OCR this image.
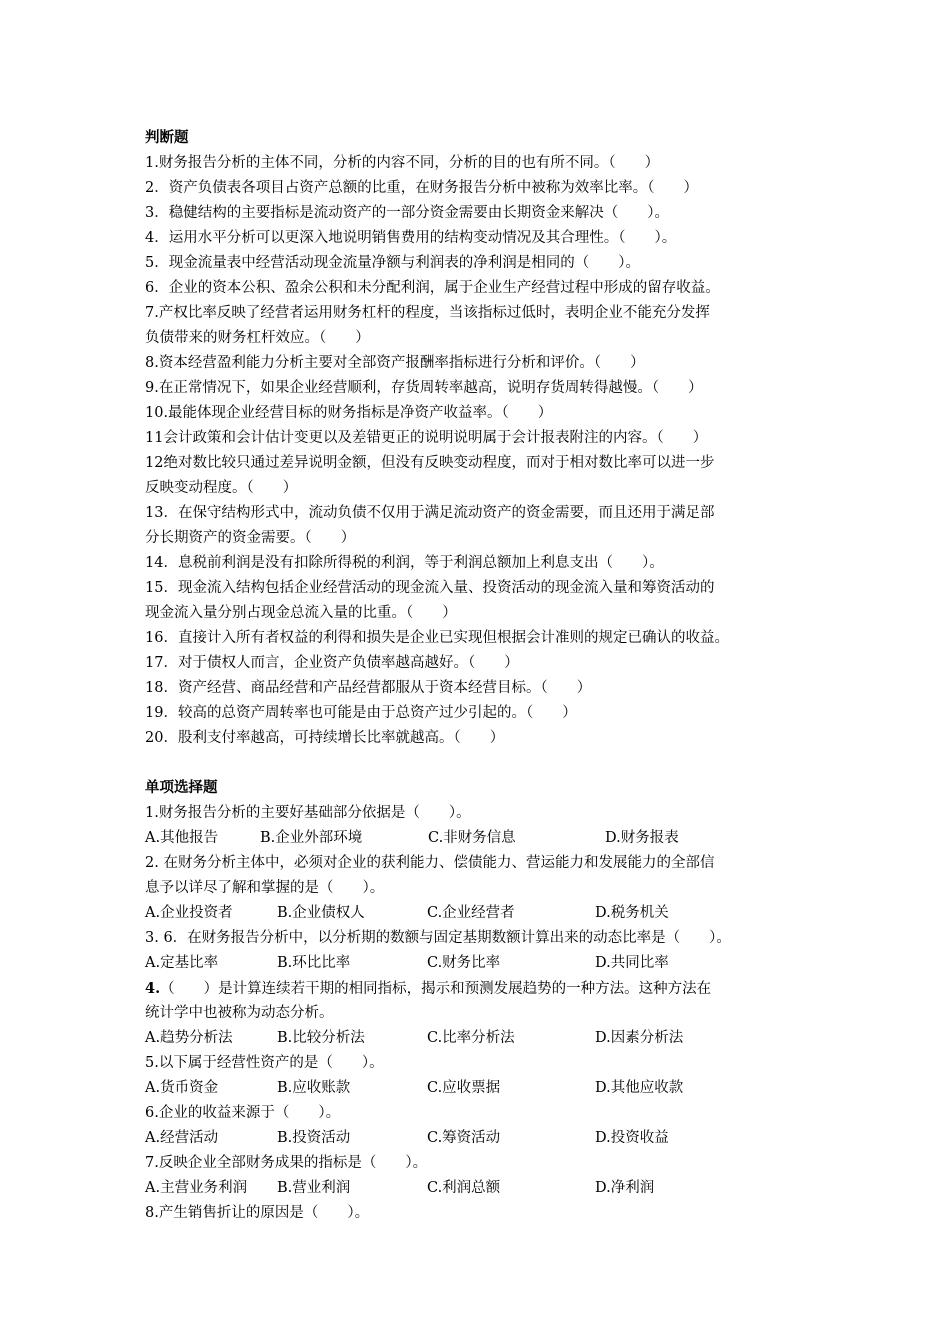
判断题
1.财务报告分析的主体不同，分析的内容不同，分析的目的也有所不同。（　　）
2．资产负债表各项目占资产总额的比重，在财务报告分析中被称为效率比率。（　　）
3．稳健结构的主要指标是流动资产的一部分资金需要由长期资金来解决（　　）。
4．运用水平分析可以更深入地说明销售费用的结构变动情况及其合理性。（　　）。
5．现金流量表中经营活动现金流量净额与利润表的净利润是相同的（　　）。
6．企业的资本公积、盈余公积和未分配利润，属于企业生产经营过程中形成的留存收益。
7.产权比率反映了经营者运用财务杠杆的程度，当该指标过低时，表明企业不能充分发挥
负债带来的财务杠杆效应。（　　）
8.资本经营盈利能力分析主要对全部资产报酬率指标进行分析和评价。（　　）
9.在正常情况下，如果企业经营顺利，存货周转率越高，说明存货周转得越慢。（　　）
10.最能体现企业经营目标的财务指标是净资产收益率。（　　）
11会计政策和会计估计变更以及差错更正的说明说明属于会计报表附注的内容。（　　）
12绝对数比较只通过差异说明金额，但没有反映变动程度，而对于相对数比率可以进一步
反映变动程度。（　　）
13．在保守结构形式中，流动负债不仅用于满足流动资产的资金需要，而且还用于满足部
分长期资产的资金需要。（　　）
14．息税前利润是没有扣除所得税的利润，等于利润总额加上利息支出（　　）。
15．现金流入结构包括企业经营活动的现金流入量、投资活动的现金流入量和筹资活动的
现金流入量分别占现金总流入量的比重。（　　）
16．直接计入所有者权益的利得和损失是企业已实现但根据会计准则的规定已确认的收益。
17．对于债权人而言，企业资产负债率越高越好。（　　）
18．资产经营、商品经营和产品经营都服从于资本经营目标。（　　）
19．较高的总资产周转率也可能是由于总资产过少引起的。（　　）
20．股利支付率越高，可持续增长比率就越高。（　　）
单项选择题
1.财务报告分析的主要好基础部分依据是（　　）。
A.其他报告	B.企业外部环境	C.非财务信息	D.财务报表
2. 在财务分析主体中，必须对企业的获利能力、偿债能力、营运能力和发展能力的全部信
息予以详尽了解和掌握的是（　　）。
A.企业投资者	B.企业债权人	C.企业经营者	D.税务机关
3. 6．在财务报告分析中，以分析期的数额与固定基期数额计算出来的动态比率是（　　）。
A.定基比率	B.环比比率	C.财务比率	D.共同比率
4.（　　）是计算连续若干期的相同指标，揭示和预测发展趋势的一种方法。这种方法在
统计学中也被称为动态分析。
A.趋势分析法	B.比较分析法	C.比率分析法	D.因素分析法
5.以下属于经营性资产的是（　　）。
A.货币资金	B.应收账款	C.应收票据	D.其他应收款
6.企业的收益来源于（　　）。
A.经营活动	B.投资活动	C.筹资活动	D.投资收益
7.反映企业全部财务成果的指标是（　　）。
A.主营业务利润	B.营业利润	C.利润总额	D.净利润
8.产生销售折让的原因是（　　）。
